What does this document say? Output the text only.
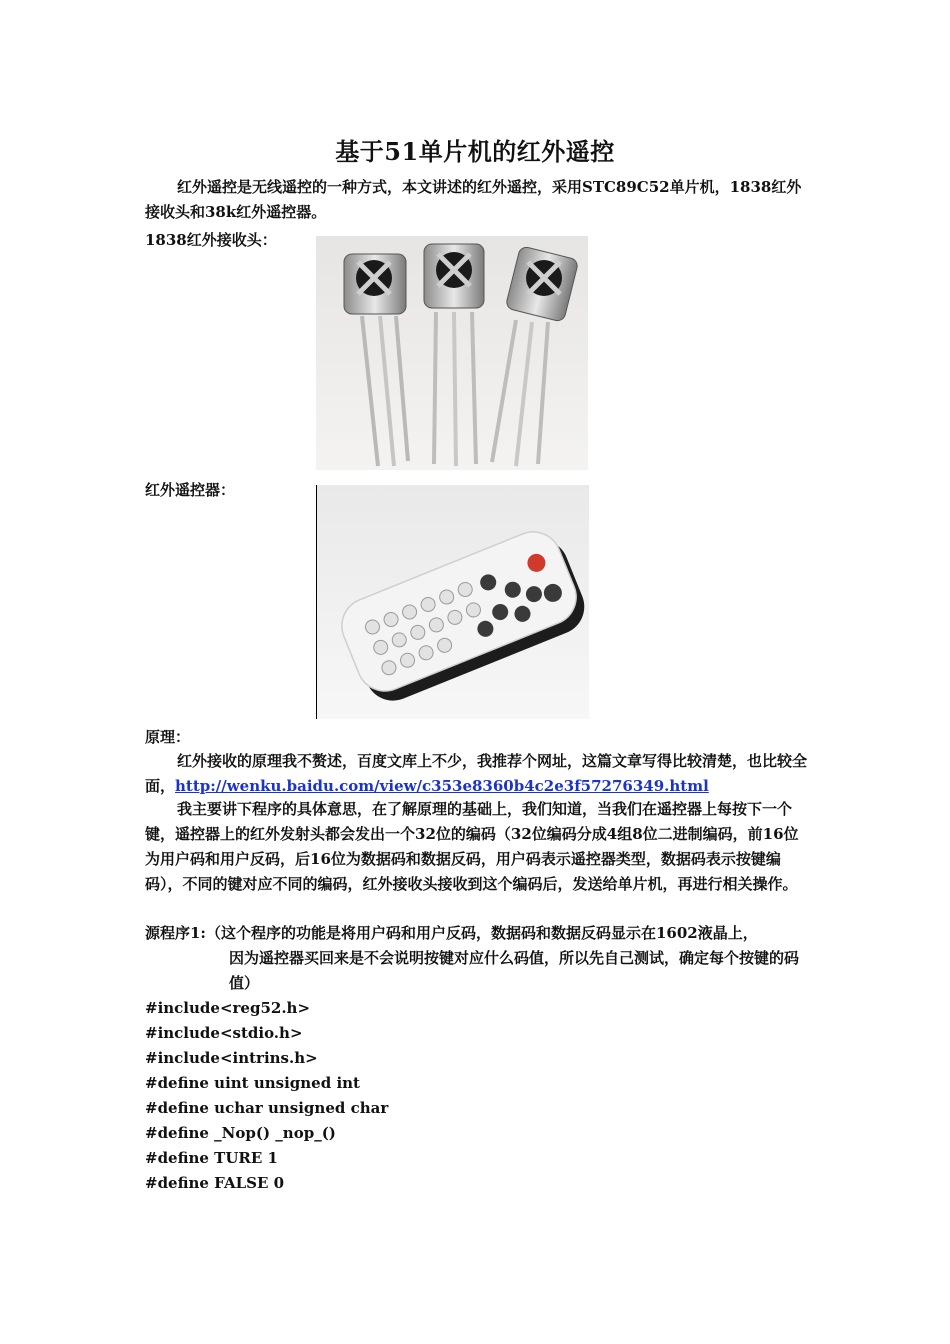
基于51单片机的红外遥控
红外遥控是无线遥控的一种方式，本文讲述的红外遥控，采用STC89C52单片机，1838红外接收头和38k红外遥控器。
1838红外接收头：
红外遥控器：
原理：
红外接收的原理我不赘述，百度文库上不少，我推荐个网址，这篇文章写得比较清楚，也比较全面，http://wenku.baidu.com/view/c353e8360b4c2e3f57276349.html
我主要讲下程序的具体意思，在了解原理的基础上，我们知道，当我们在遥控器上每按下一个键，遥控器上的红外发射头都会发出一个32位的编码（32位编码分成4组8位二进制编码，前16位为用户码和用户反码，后16位为数据码和数据反码，用户码表示遥控器类型，数据码表示按键编码），不同的键对应不同的编码，红外接收头接收到这个编码后，发送给单片机，再进行相关操作。
源程序1:（这个程序的功能是将用户码和用户反码，数据码和数据反码显示在1602液晶上，
因为遥控器买回来是不会说明按键对应什么码值，所以先自己测试，确定每个按键的码值）
#include<reg52.h>
#include<stdio.h>
#include<intrins.h>
#define uint unsigned int
#define uchar unsigned char
#define _Nop() _nop_()
#define TURE 1
#define FALSE 0
